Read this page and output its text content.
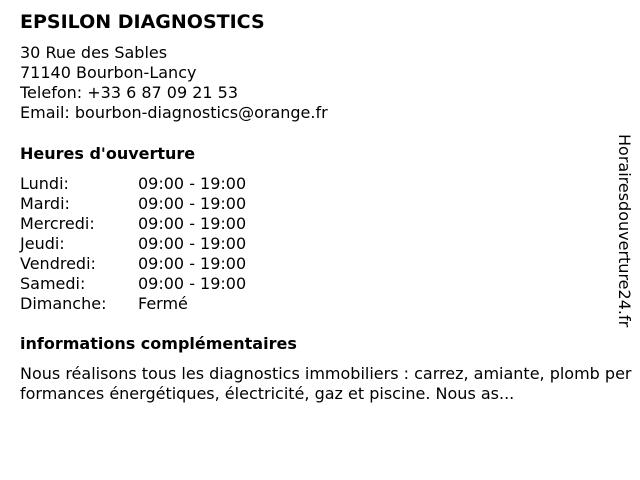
EPSILON DIAGNOSTICS
30 Rue des Sables
71140 Bourbon-Lancy
Telefon: +33 6 87 09 21 53
Email: bourbon-diagnostics@orange.fr
Heures d'ouverture
Lundi:	09:00 - 19:00
Mardi:	09:00 - 19:00
Mercredi:	09:00 - 19:00
Jeudi:	09:00 - 19:00
Vendredi:	09:00 - 19:00
Samedi:	09:00 - 19:00
Dimanche:	Fermé
informations complémentaires
Nous réalisons tous les diagnostics immobiliers : carrez, amiante, plomb performances énergétiques, électricité, gaz et piscine. Nous as...
Horairesdouverture24.fr
